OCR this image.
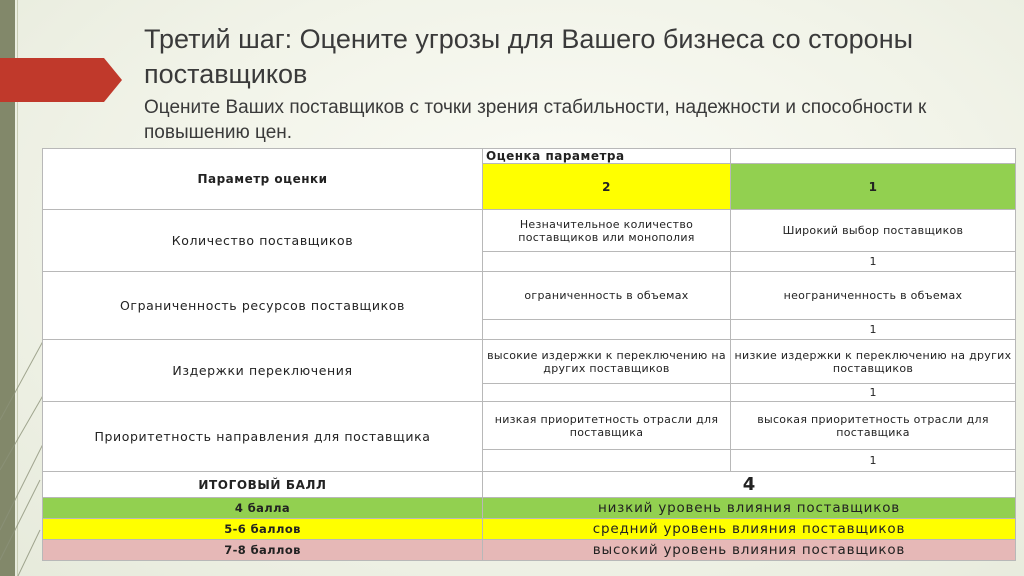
Третий шаг: Оцените угрозы для Вашего бизнеса со стороны поставщиков

Оцените Ваших поставщиков с точки зрения стабильности, надежности и способности к повышению цен.

Параметр оценки	Оценка параметра	
	2	1
Количество поставщиков	Незначительное количество поставщиков или монополия	Широкий выбор поставщиков
		1
Ограниченность ресурсов поставщиков	ограниченность в объемах	неограниченность в объемах
		1
Издержки переключения	высокие издержки к переключению на других поставщиков	низкие издержки к переключению на других поставщиков
		1
Приоритетность направления для поставщика	низкая приоритетность отрасли для поставщика	высокая приоритетность отрасли для поставщика
		1
ИТОГОВЫЙ БАЛЛ	4	
4 балла	низкий уровень влияния поставщиков	
5-6 баллов	средний уровень влияния поставщиков	
7-8 баллов	высокий уровень влияния поставщиков	
